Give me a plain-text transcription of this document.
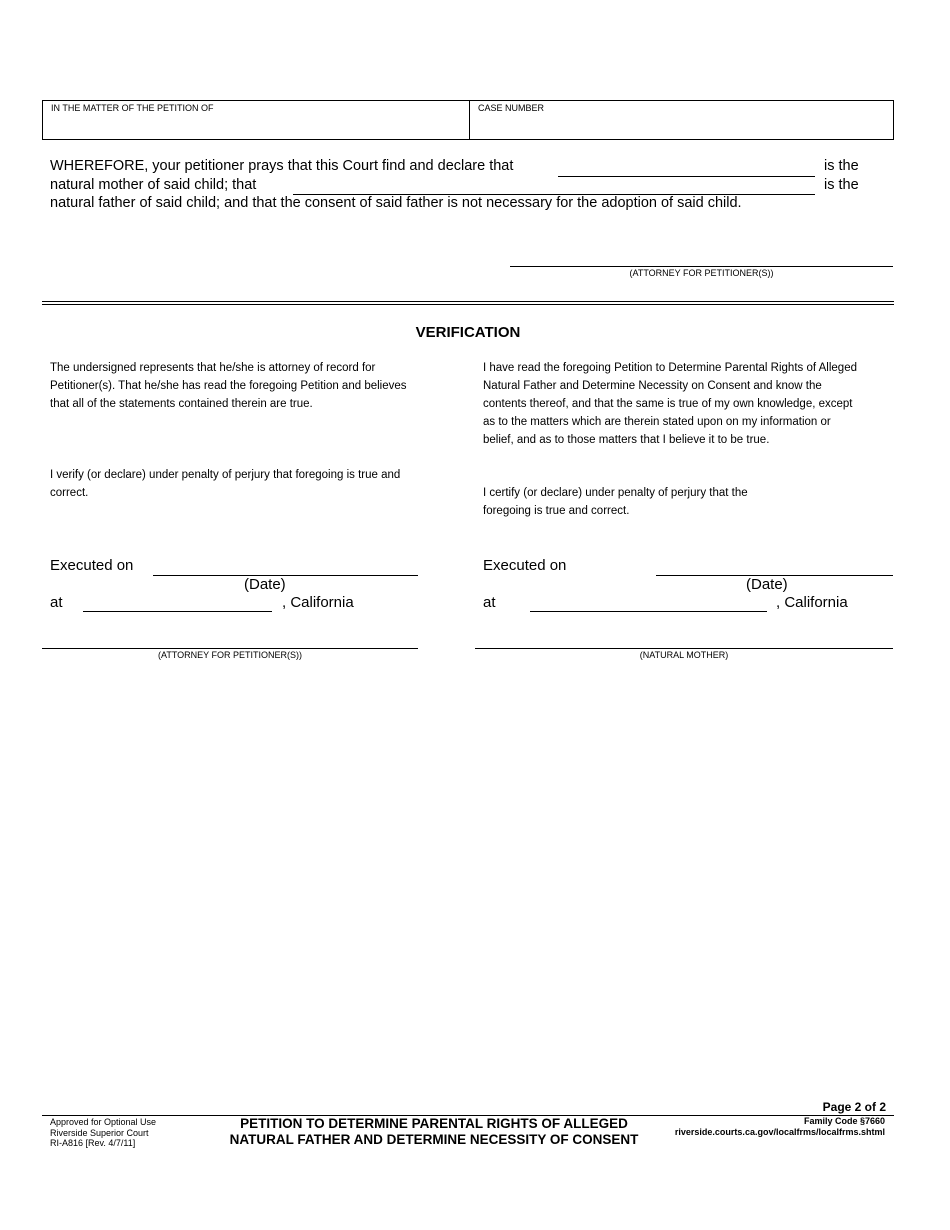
IN THE MATTER OF THE PETITION OF	CASE NUMBER
WHEREFORE, your petitioner prays that this Court find and declare that	is the
natural mother of said child; that	is the
natural father of said child; and that the consent of said father is not necessary for the adoption of said child.
(ATTORNEY FOR PETITIONER(S))
VERIFICATION
The undersigned represents that he/she is attorney of record for Petitioner(s). That he/she has read the foregoing Petition and believes that all of the statements contained therein are true.
I verify (or declare) under penalty of perjury that foregoing is true and correct.
I have read the foregoing Petition to Determine Parental Rights of Alleged Natural Father and Determine Necessity on Consent and know the contents thereof, and that the same is true of my own knowledge, except as to the matters which are therein stated upon on my information or belief, and as to those matters that I believe it to be true.
I certify (or declare) under penalty of perjury that the foregoing is true and correct.
Executed on
(Date)
at	, California
Executed on
(Date)
at	, California
(ATTORNEY FOR PETITIONER(S))	(NATURAL MOTHER)
Approved for Optional Use
Riverside Superior Court
RI-A816 [Rev. 4/7/11]
PETITION TO DETERMINE PARENTAL RIGHTS OF ALLEGED
NATURAL FATHER AND DETERMINE NECESSITY OF CONSENT
Page 2 of 2
Family Code §7660
riverside.courts.ca.gov/localfrms/localfrms.shtml
